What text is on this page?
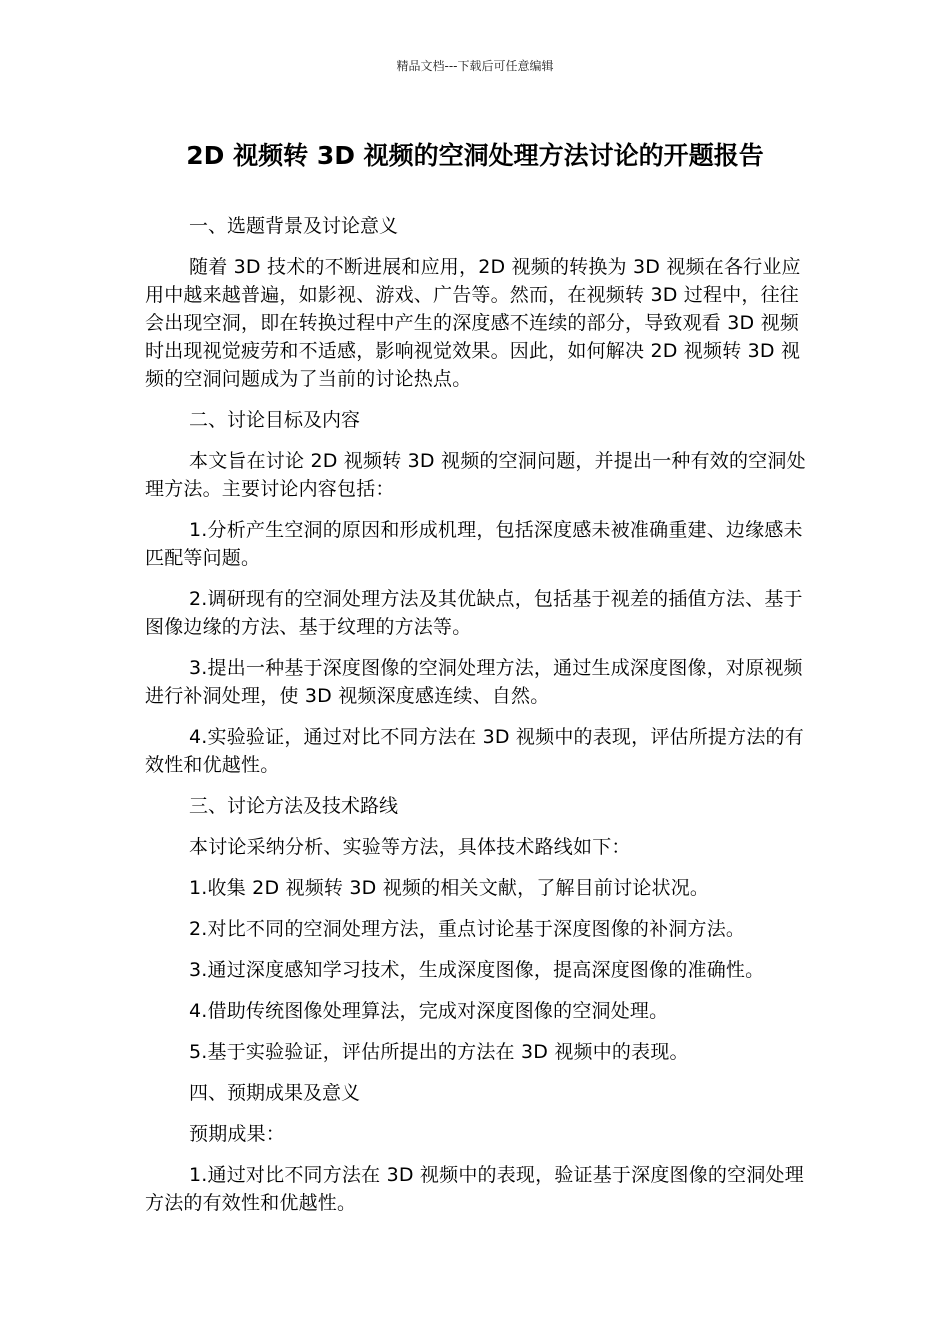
精品文档---下载后可任意编辑
2D 视频转 3D 视频的空洞处理方法讨论的开题报告

一、选题背景及讨论意义

随着 3D 技术的不断进展和应用，2D 视频的转换为 3D 视频在各行业应用中越来越普遍，如影视、游戏、广告等。然而，在视频转 3D 过程中，往往会出现空洞，即在转换过程中产生的深度感不连续的部分，导致观看 3D 视频时出现视觉疲劳和不适感，影响视觉效果。因此，如何解决 2D 视频转 3D 视频的空洞问题成为了当前的讨论热点。

二、讨论目标及内容

本文旨在讨论 2D 视频转 3D 视频的空洞问题，并提出一种有效的空洞处理方法。主要讨论内容包括：

1.分析产生空洞的原因和形成机理，包括深度感未被准确重建、边缘感未匹配等问题。

2.调研现有的空洞处理方法及其优缺点，包括基于视差的插值方法、基于图像边缘的方法、基于纹理的方法等。

3.提出一种基于深度图像的空洞处理方法，通过生成深度图像，对原视频进行补洞处理，使 3D 视频深度感连续、自然。

4.实验验证，通过对比不同方法在 3D 视频中的表现，评估所提方法的有效性和优越性。

三、讨论方法及技术路线

本讨论采纳分析、实验等方法，具体技术路线如下：

1.收集 2D 视频转 3D 视频的相关文献，了解目前讨论状况。

2.对比不同的空洞处理方法，重点讨论基于深度图像的补洞方法。

3.通过深度感知学习技术，生成深度图像，提高深度图像的准确性。

4.借助传统图像处理算法，完成对深度图像的空洞处理。

5.基于实验验证，评估所提出的方法在 3D 视频中的表现。

四、预期成果及意义

预期成果：

1.通过对比不同方法在 3D 视频中的表现，验证基于深度图像的空洞处理方法的有效性和优越性。
